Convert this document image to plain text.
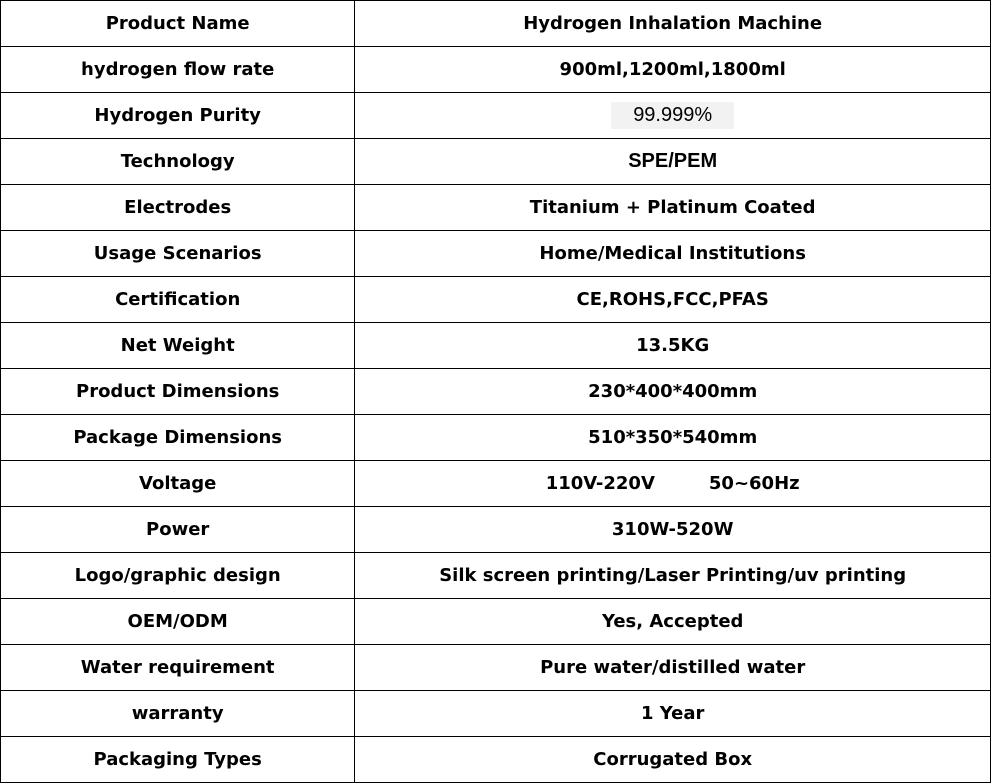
Product Name	Hydrogen Inhalation Machine
hydrogen flow rate	900ml,1200ml,1800ml
Hydrogen Purity	99.999%
Technology	SPE/PEM
Electrodes	Titanium + Platinum Coated
Usage Scenarios	Home/Medical Institutions
Certification	CE,ROHS,FCC,PFAS
Net Weight	13.5KG
Product Dimensions	230*400*400mm
Package Dimensions	510*350*540mm
Voltage	110V-220V 50~60Hz
Power	310W-520W
Logo/graphic design	Silk screen printing/Laser Printing/uv printing
OEM/ODM	Yes, Accepted
Water requirement	Pure water/distilled water
warranty	1 Year
Packaging Types	Corrugated Box
